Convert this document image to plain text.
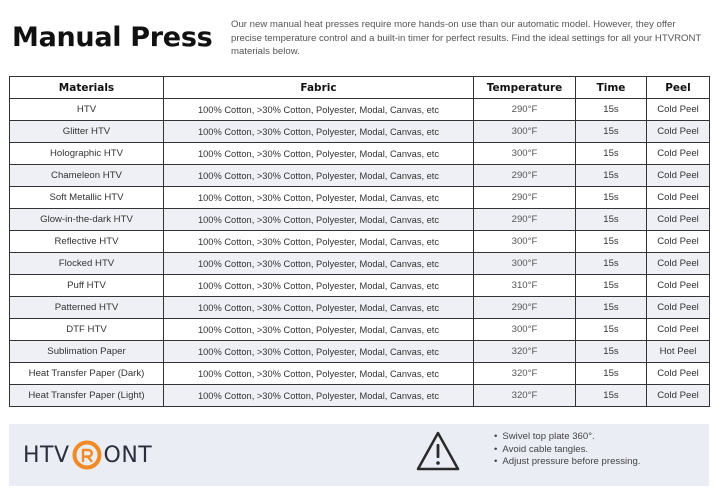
Manual Press Our new manual heat presses require more hands-on use than our automatic model. However, they offer precise temperature control and a built-in timer for perfect results. Find the ideal settings for all your HTVRONT materials below.
Materials	Fabric	Temperature	Time	Peel
HTV	100% Cotton, >30% Cotton, Polyester, Modal, Canvas, etc	290°F	15s	Cold Peel
Glitter HTV	100% Cotton, >30% Cotton, Polyester, Modal, Canvas, etc	300°F	15s	Cold Peel
Holographic HTV	100% Cotton, >30% Cotton, Polyester, Modal, Canvas, etc	300°F	15s	Cold Peel
Chameleon HTV	100% Cotton, >30% Cotton, Polyester, Modal, Canvas, etc	290°F	15s	Cold Peel
Soft Metallic HTV	100% Cotton, >30% Cotton, Polyester, Modal, Canvas, etc	290°F	15s	Cold Peel
Glow-in-the-dark HTV	100% Cotton, >30% Cotton, Polyester, Modal, Canvas, etc	290°F	15s	Cold Peel
Reflective HTV	100% Cotton, >30% Cotton, Polyester, Modal, Canvas, etc	300°F	15s	Cold Peel
Flocked HTV	100% Cotton, >30% Cotton, Polyester, Modal, Canvas, etc	300°F	15s	Cold Peel
Puff HTV	100% Cotton, >30% Cotton, Polyester, Modal, Canvas, etc	310°F	15s	Cold Peel
Patterned HTV	100% Cotton, >30% Cotton, Polyester, Modal, Canvas, etc	290°F	15s	Cold Peel
DTF HTV	100% Cotton, >30% Cotton, Polyester, Modal, Canvas, etc	300°F	15s	Cold Peel
Sublimation Paper	100% Cotton, >30% Cotton, Polyester, Modal, Canvas, etc	320°F	15s	Hot Peel
Heat Transfer Paper (Dark)	100% Cotton, >30% Cotton, Polyester, Modal, Canvas, etc	320°F	15s	Cold Peel
Heat Transfer Paper (Light)	100% Cotton, >30% Cotton, Polyester, Modal, Canvas, etc	320°F	15s	Cold Peel
HTV ONT
• Swivel top plate 360°.
• Avoid cable tangles.
• Adjust pressure before pressing.
